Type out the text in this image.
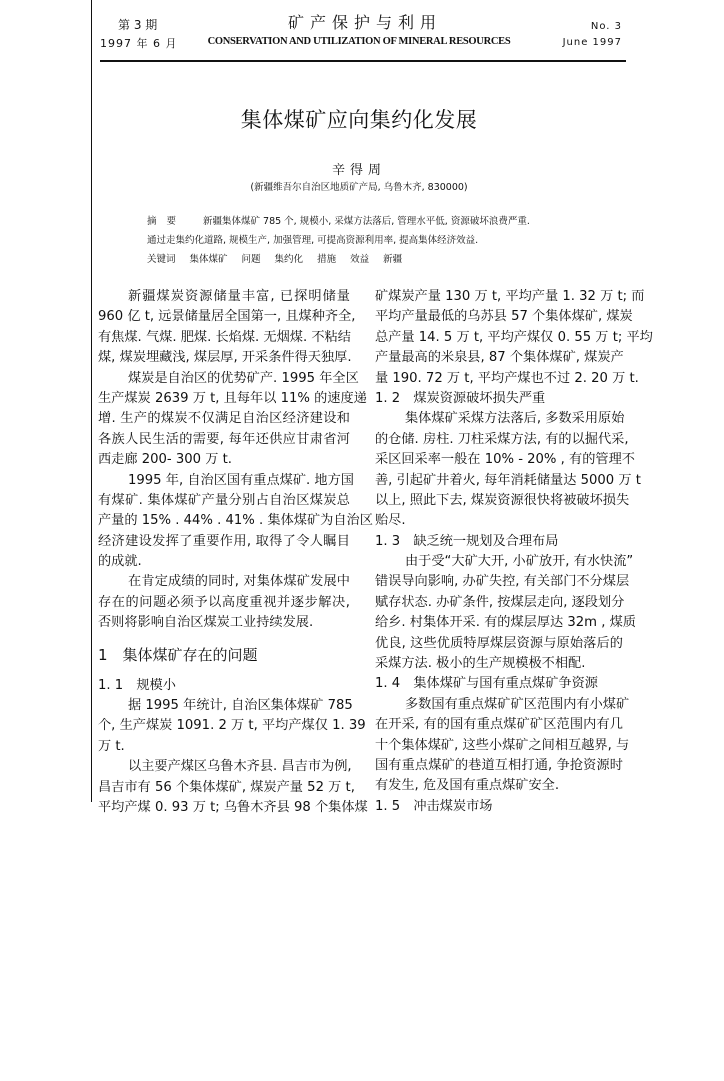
第 3 期
1997 年 6 月
矿产保护与利用
CONSERVATION AND UTILIZATION OF MINERAL RESOURCES
No. 3
June 1997
集体煤矿应向集约化发展
辛得周
(新疆维吾尔自治区地质矿产局, 乌鲁木齐, 830000)
摘要 新疆集体煤矿 785 个, 规模小, 采煤方法落后, 管理水平低, 资源破坏浪费严重.
通过走集约化道路, 规模生产, 加强管理, 可提高资源利用率, 提高集体经济效益.
关键词 集体煤矿 问题 集约化 措施 效益 新疆
新疆煤炭资源储量丰富, 已探明储量
960 亿 t, 远景储量居全国第一, 且煤种齐全,
有焦煤. 气煤. 肥煤. 长焰煤. 无烟煤. 不粘结
煤, 煤炭埋藏浅, 煤层厚, 开采条件得天独厚.
煤炭是自治区的优势矿产. 1995 年全区
生产煤炭 2639 万 t, 且每年以 11% 的速度递
增. 生产的煤炭不仅满足自治区经济建设和
各族人民生活的需要, 每年还供应甘肃省河
西走廊 200- 300 万 t.
1995 年, 自治区国有重点煤矿. 地方国
有煤矿. 集体煤矿产量分别占自治区煤炭总
产量的 15% . 44% . 41% . 集体煤矿为自治区
经济建设发挥了重要作用, 取得了令人瞩目
的成就.
在肯定成绩的同时, 对集体煤矿发展中
存在的问题必须予以高度重视并逐步解决,
否则将影响自治区煤炭工业持续发展.
1　集体煤矿存在的问题
1. 1　规模小
据 1995 年统计, 自治区集体煤矿 785
个, 生产煤炭 1091. 2 万 t, 平均产煤仅 1. 39
万 t.
以主要产煤区乌鲁木齐县. 昌吉市为例,
昌吉市有 56 个集体煤矿, 煤炭产量 52 万 t,
平均产煤 0. 93 万 t; 乌鲁木齐县 98 个集体煤
矿煤炭产量 130 万 t, 平均产量 1. 32 万 t; 而
平均产量最低的乌苏县 57 个集体煤矿, 煤炭
总产量 14. 5 万 t, 平均产煤仅 0. 55 万 t; 平均
产量最高的米泉县, 87 个集体煤矿, 煤炭产
量 190. 72 万 t, 平均产煤也不过 2. 20 万 t.
1. 2　煤炭资源破坏损失严重
集体煤矿采煤方法落后, 多数采用原始
的仓储. 房柱. 刀柱采煤方法, 有的以掘代采,
采区回采率一般在 10% - 20% , 有的管理不
善, 引起矿井着火, 每年消耗储量达 5000 万 t
以上, 照此下去, 煤炭资源很快将被破坏损失
贻尽.
1. 3　缺乏统一规划及合理布局
由于受“大矿大开, 小矿放开, 有水快流”
错误导向影响, 办矿失控, 有关部门不分煤层
赋存状态. 办矿条件, 按煤层走向, 逐段划分
给乡. 村集体开采. 有的煤层厚达 32m , 煤质
优良, 这些优质特厚煤层资源与原始落后的
采煤方法. 极小的生产规模极不相配.
1. 4　集体煤矿与国有重点煤矿争资源
多数国有重点煤矿矿区范围内有小煤矿
在开采, 有的国有重点煤矿矿区范围内有几
十个集体煤矿, 这些小煤矿之间相互越界, 与
国有重点煤矿的巷道互相打通, 争抢资源时
有发生, 危及国有重点煤矿安全.
1. 5　冲击煤炭市场
